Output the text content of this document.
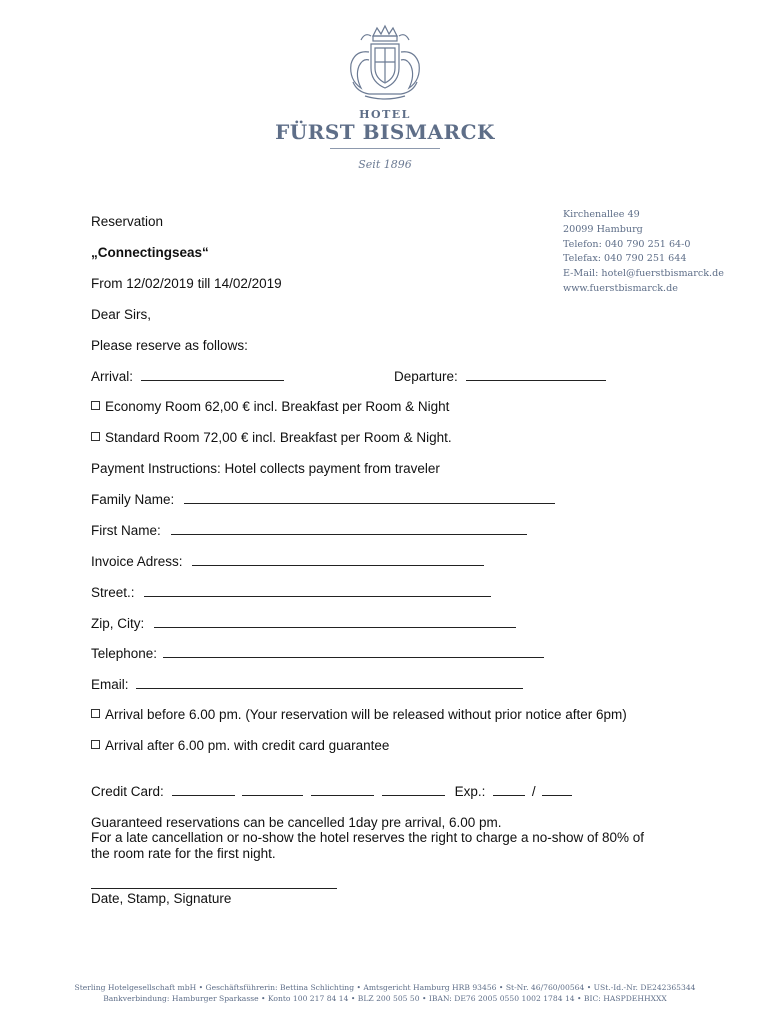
HOTEL
FÜRST BISMARCK
Seit 1896
Kirchenallee 49
20099 Hamburg
Telefon: 040 790 251 64-0
Telefax: 040 790 251 644
E-Mail: hotel@fuerstbismarck.de
www.fuerstbismarck.de
Reservation
„Connectingseas“
From 12/02/2019 till 14/02/2019
Dear Sirs,
Please reserve as follows:
Arrival:	Departure:
Economy Room 62,00 € incl. Breakfast per Room & Night
Standard Room 72,00 € incl. Breakfast per Room & Night.
Payment Instructions: Hotel collects payment from traveler
Family Name:
First Name:
Invoice Adress:
Street.:
Zip, City:
Telephone:
Email:
Arrival before 6.00 pm. (Your reservation will be released without prior notice after 6pm)
Arrival after 6.00 pm. with credit card guarantee
Credit Card:	Exp.:	/
Guaranteed reservations can be cancelled 1day pre arrival, 6.00 pm.
For a late cancellation or no-show the hotel reserves the right to charge a no-show of 80% of
the room rate for the first night.
Date, Stamp, Signature
Sterling Hotelgesellschaft mbH • Geschäftsführerin: Bettina Schlichting • Amtsgericht Hamburg HRB 93456 • St-Nr. 46/760/00564 • USt.-Id.-Nr. DE242365344
Bankverbindung: Hamburger Sparkasse • Konto 100 217 84 14 • BLZ 200 505 50 • IBAN: DE76 2005 0550 1002 1784 14 • BIC: HASPDEHHXXX
